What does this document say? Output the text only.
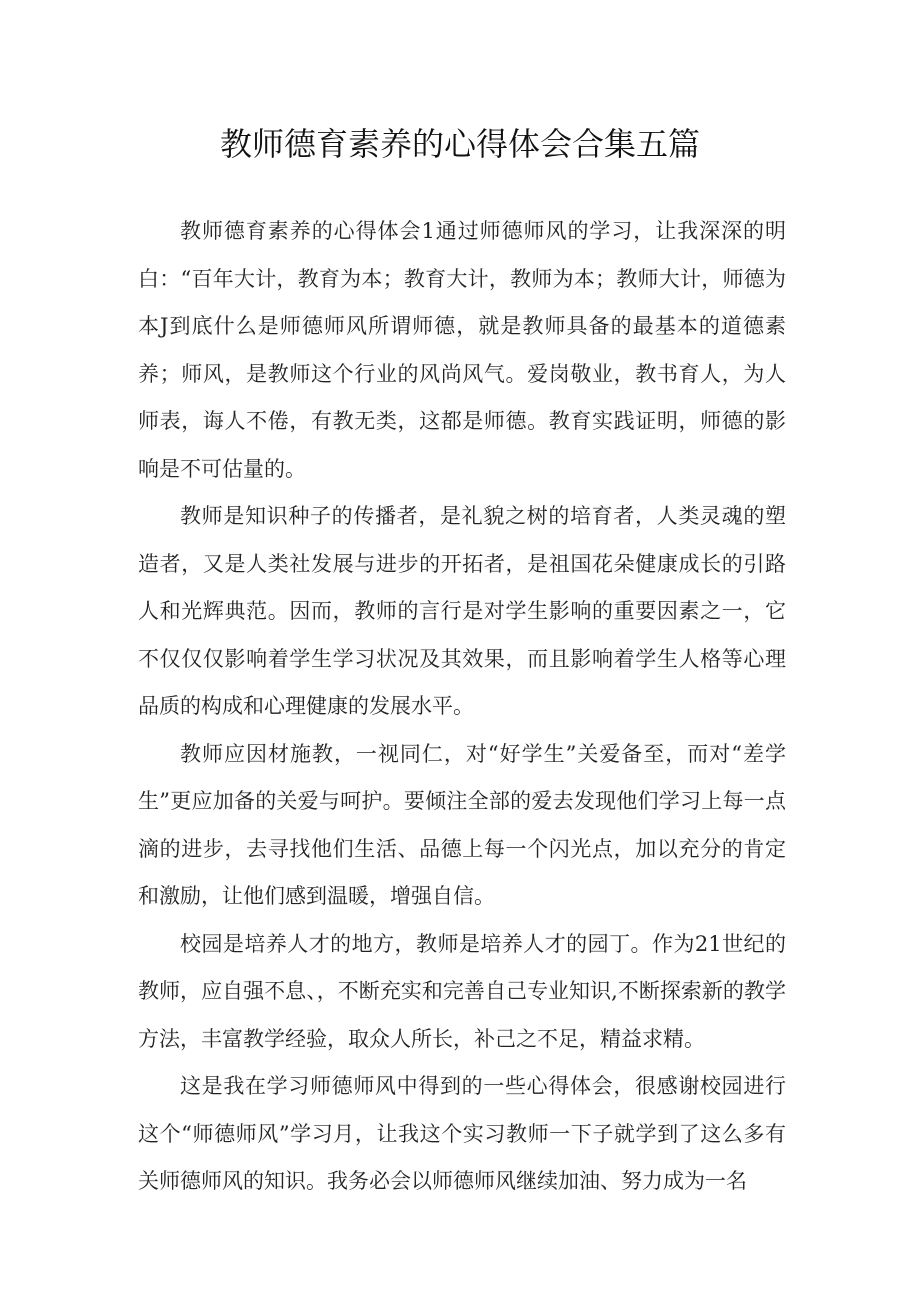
教师德育素养的心得体会合集五篇

教师德育素养的心得体会1通过师德师风的学习，让我深深的明白：“百年大计，教育为本；教育大计，教师为本；教师大计，师德为本J到底什么是师德师风所谓师德，就是教师具备的最基本的道德素养；师风，是教师这个行业的风尚风气。爱岗敬业，教书育人，为人师表，诲人不倦，有教无类，这都是师德。教育实践证明，师德的影响是不可估量的。

教师是知识种子的传播者，是礼貌之树的培育者，人类灵魂的塑造者，又是人类社发展与进步的开拓者，是祖国花朵健康成长的引路人和光辉典范。因而，教师的言行是对学生影响的重要因素之一，它不仅仅仅影响着学生学习状况及其效果，而且影响着学生人格等心理品质的构成和心理健康的发展水平。

教师应因材施教，一视同仁，对“好学生”关爱备至，而对“差学生”更应加备的关爱与呵护。要倾注全部的爱去发现他们学习上每一点滴的进步，去寻找他们生活、品德上每一个闪光点，加以充分的肯定和激励，让他们感到温暖，增强自信。

校园是培养人才的地方，教师是培养人才的园丁。作为21世纪的教师，应自强不息、，不断充实和完善自己专业知识,不断探索新的教学方法，丰富教学经验，取众人所长，补己之不足，精益求精。

这是我在学习师德师风中得到的一些心得体会，很感谢校园进行这个“师德师风”学习月，让我这个实习教师一下子就学到了这么多有关师德师风的知识。我务必会以师德师风继续加油、努力成为一名
